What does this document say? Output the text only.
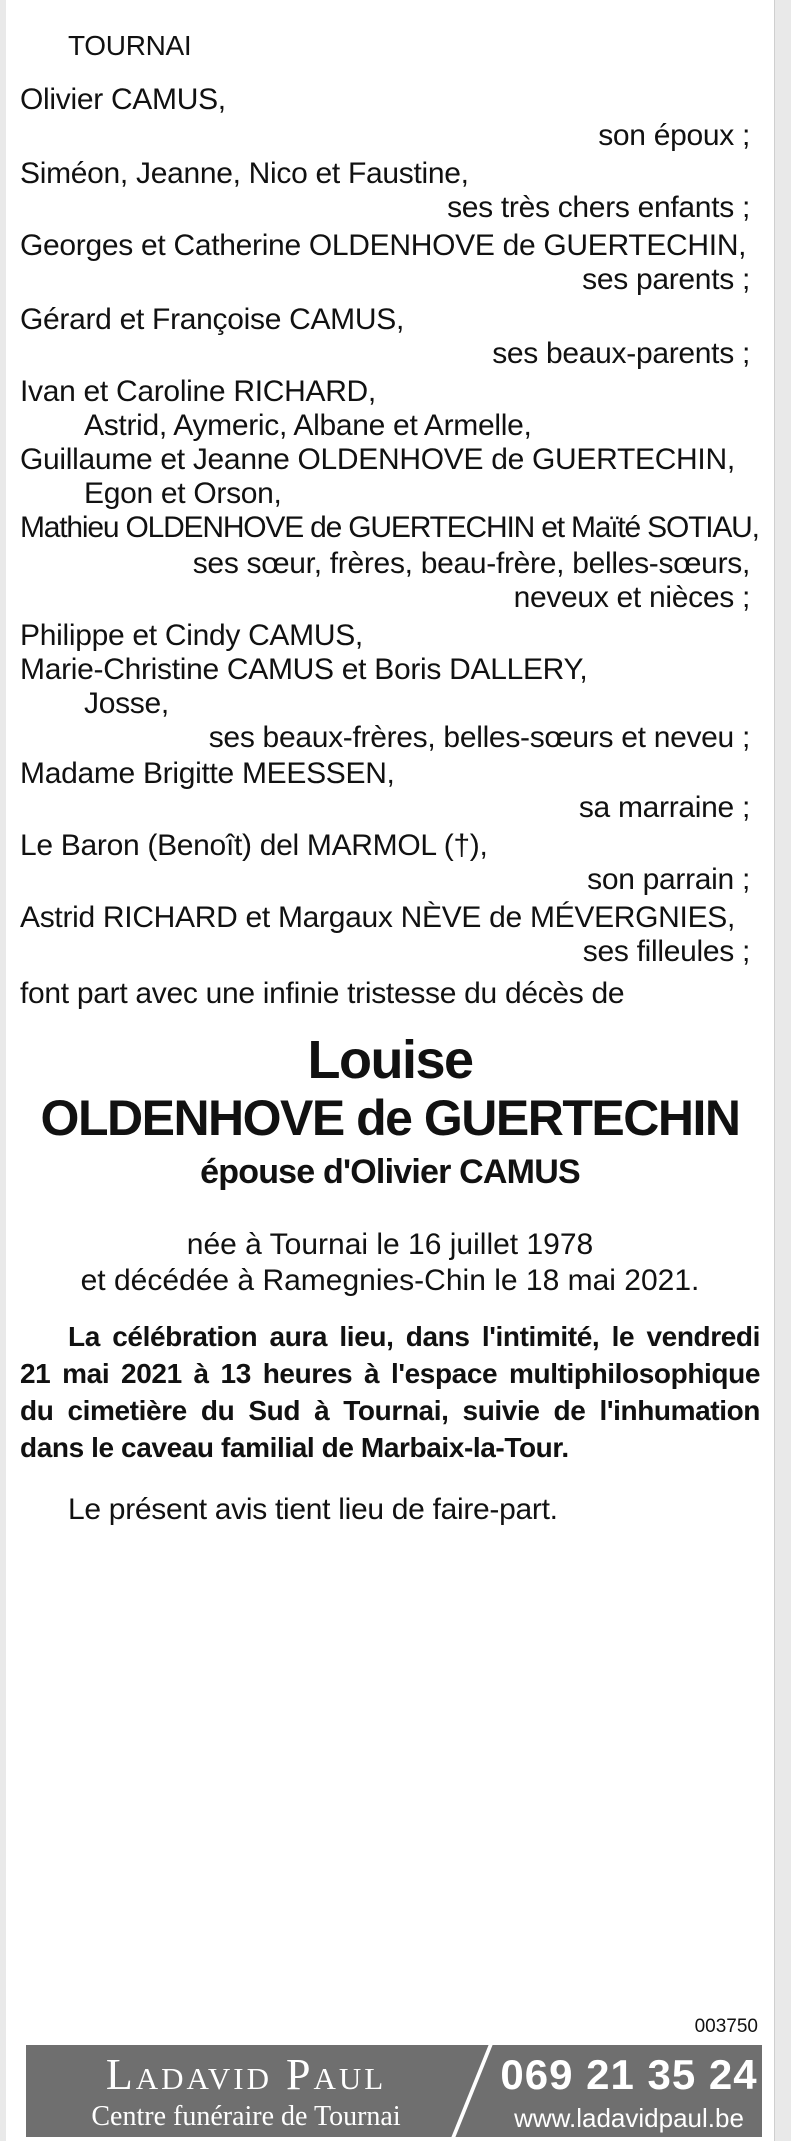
TOURNAI
Olivier CAMUS,
son époux ;
Siméon, Jeanne, Nico et Faustine,
ses très chers enfants ;
Georges et Catherine OLDENHOVE de GUERTECHIN,
ses parents ;
Gérard et Françoise CAMUS,
ses beaux-parents ;
Ivan et Caroline RICHARD,
Astrid, Aymeric, Albane et Armelle,
Guillaume et Jeanne OLDENHOVE de GUERTECHIN,
Egon et Orson,
Mathieu OLDENHOVE de GUERTECHIN et Maïté SOTIAU,
ses sœur, frères, beau-frère, belles-sœurs,
neveux et nièces ;
Philippe et Cindy CAMUS,
Marie-Christine CAMUS et Boris DALLERY,
Josse,
ses beaux-frères, belles-sœurs et neveu ;
Madame Brigitte MEESSEN,
sa marraine ;
Le Baron (Benoît) del MARMOL (†),
son parrain ;
Astrid RICHARD et Margaux NÈVE de MÉVERGNIES,
ses filleules ;
font part avec une infinie tristesse du décès de
Louise
OLDENHOVE de GUERTECHIN
épouse d'Olivier CAMUS
née à Tournai le 16 juillet 1978
et décédée à Ramegnies-Chin le 18 mai 2021.
La célébration aura lieu, dans l'intimité, le vendredi 21 mai 2021 à 13 heures à l'espace multiphilosophique du cimetière du Sud à Tournai, suivie de l'inhumation dans le caveau familial de Marbaix-la-Tour.
Le présent avis tient lieu de faire-part.
003750
Ladavid Paul
Centre funéraire de Tournai
069 21 35 24
www.ladavidpaul.be
